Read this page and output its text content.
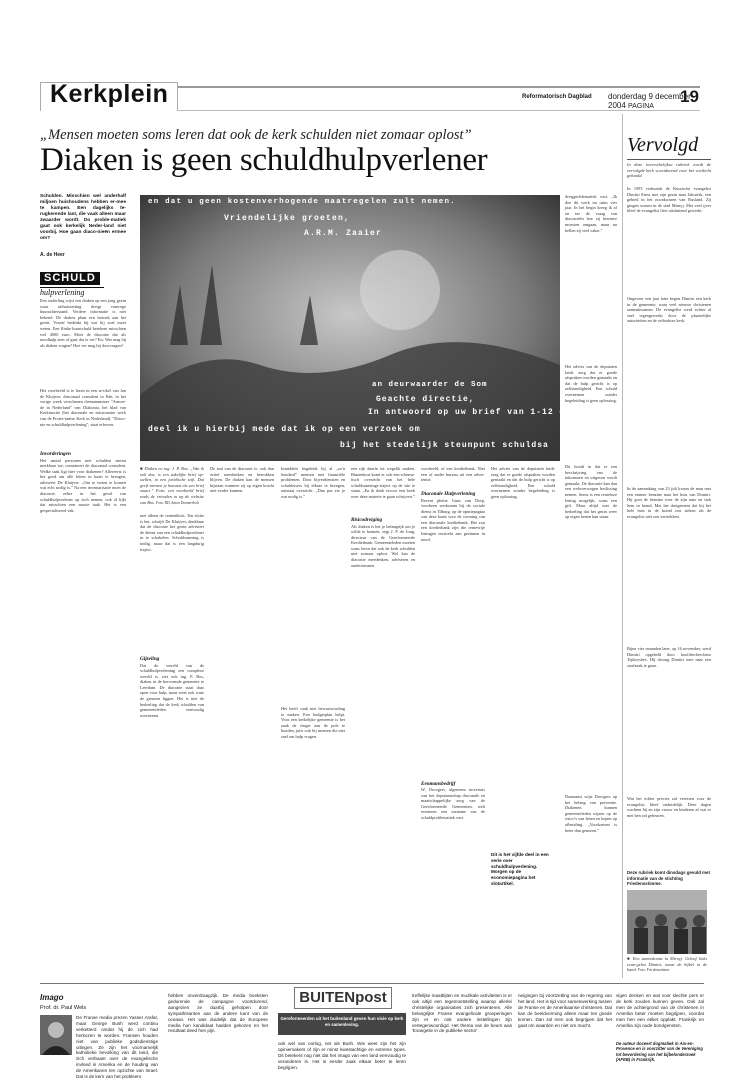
Kerkplein	Reformatorisch Dagblad donderdag 9 december 2004 PAGINA
19
„Mensen moeten soms leren dat ook de kerk schulden niet zomaar oplost”
Diaken is geen schuldhulpverlener
Schulden. Misschien wel anderhalf miljoen huishoudens hebben er-mee te kampen. Een dagelijks te-rugkerende last, die vaak alleen maar zwaarder wordt. Do proble-matiek gaat ook kerkelijk Neder-land niet voorbij. Hoe gaan diaco-nieën ermee om?
A. de Heer
SCHULD
hulpverlening
Een ouderling wijst een diaken op een jong gezin waar uithuiszetting dreigt vanwege huurachterstand. Verdere informatie is niet bekend. De diaken plant een bezoek aan het gezin. Vooraf bedenkt hij wat hij zoal moet weten. Een flinke huurschuld betekent misschien wel 4000 euro. Moet de diaconie dat als noodhulp zien of gaat dat te ver? En: Wat mag hij als diaken vragen? Hoe ver mag hij doorvragen?
Het voorbeeld is te lezen in een ar-tikel van Jan de Kluijver, diaconaal consulent in Ede, in het vorige week verschenen themanummer "Armoe-de in Nederland" van Diakonia, het blad van Kerkinactie (het diaconale en missionaire werk van de Protes-tantse Kerk in Nederland). "Diaco-nie en schuldhulpverlening", staat erboven.
Invorderingen
Het aantal personen met schulden neemt merkbaar toe, constateert de diaconaal consulent. Welke taak ligt hier voor diakenen? Allereerst is het goed om alle feiten in kaart te brengen, adviseert De Kluijver. „Om te weten te komen wat echt nodig is.” Na een inventarisatie moet de diaconie, zeker in het geval van schuldhulpverlener op zich nemen, ook al lijkt dat misschien een mooie taak. Het is een gespecialiseerd vak.
en dat u geen kostenverhogende maatregelen zult nemen.
Vriendelijke groeten,
A.R.M. Zaaier
an deurwaarder de Som
Geachte directie,
In antwoord op uw brief van 1-12 dossier
deel ik u hierbij mede dat ik op een verzoek om
bij het stedelijk steunpunt schuldsa
dreigproblematiek vast. „Ik doe dit werk nu ruim vier jaar. In het begin kreeg ik af en toe de vraag van diaconieën hoe zij hiermee moesten omgaan, maar nu bellen zij veel vaker.”
Het advies van de deputaten luidt: zorg dat er goede afspraken worden gemaakt en dat de hulp gericht is op zelfstandigheid. Een schuld overnemen zonder begeleiding is geen oplossing.
Dit houdt in dat er een beschrijving van de inkomsten en uitgaven wordt gemaakt. De diaconie kan dan een weloverwogen beslissing nemen. Soms is een renteloze lening mogelijk, soms een gift. Maar altijd met de bedoeling dat het gezin weer op eigen benen kan staan.
Daarnaast wijst Droogers op het belang van preventie. Diakenen kunnen gemeenteleden wijzen op de risico's van lenen en kopen op afbetaling. „Voorkomen is beter dan genezen.”
■ Diaken en ing. J. P. Bos: „Wat ik ook doe, is een zakelijke brief op-stellen, in een juridische stijl. Dat geeft mensen je houvast als een brief stuurt.” Foto: een voorbeeld brief zoals de vrienden in op de website van Bos. Foto: RD, Anton Dommerholt
niet alleen de centenkluis. Ten slotte is het, schrijft De Kluijver, denkbaar dat de diaconie het gezin adviseert de dienst van een schuldhulpverlener in te schakelen. Schuldsanering is nodig, maar dat is een langdurig traject.
Gijzeling
Dat de wereld van de schuldhulpverlening een complexe wereld is, ziet ook ing. P. Bos, diaken in de hervormde gemeente te Leerdam. De diaconie staat daar open voor hulp, maar weet ook waar de grenzen liggen. Het is niet de bedoeling dat de kerk schulden van gemeenteleden eenvoudig overneemt.
De taal van de diaconie is: ook dan actief meedenken en betrokken blijven. De diaken kan de mensen bijstaan wanneer zij op eigen kracht niet verder kunnen.
Inmiddels begeleidt hij al „zo'n honderd” mensen met financiële problemen. Door bijverdiensten en schuldeisers bij elkaar te brengen, ontstaat overzicht. „Dan pas zie je wat nodig is.”
Het heeft vaak met bewustwording te maken. Een budgetplan helpt. Voor een kerkelijke gemeente is het zaak de vinger aan de pols te houden, juist ook bij mensen die niet snel om hulp vragen.
een rijk daarin tot wegelik maken. Binnenkort komt er ook een schema-tisch overzicht van het hele schuldsanerings-traject op de site te staan. „En ik denk ervoor een boek over deze materie te gaan schrijven.”
Risicodreiging
Als diaken is het je belangrijk om je wilde te kennen, zegt J. F. de Jong, directeur van de Gereformeerde Kredietbank. Gemeenteleden moeten soms leren dat ook de kerk schulden niet zomaar oplost. Wel kan de diaconie meedenken, adviseren en ondersteunen.
voorbeeld, of een kredietbank. Niet een of ander bureau uit een adver-tentie.
Diaconale Hulpverlening
Recent pleitte Guus van Dorp, voorheen werkzaam bij de sociale dienst in Tilburg, op de opiniepagina van deze krant voor de vorming van een diaconale kredietbank. Het zou een kredietbank zijn die rentevrije leningen verstrekt aan gezinnen in nood.
Eenmansbedrijf
W. Droogers, algemeen secretaris van het deputaatschap diaconale en maatschappelijke zorg van de Gereformeerde Gemeenten, stelt eveneens een toename van de schuldproblematiek vast.
Het advies van de deputaten luidt: zorg dat er goede afspraken worden gemaakt en dat de hulp gericht is op zelfstandigheid. Een schuld overnemen zonder begeleiding is geen oplossing.
Dit is het vijfde deel in een serie over schuldhulpverlening. Morgen op de economiepagina het slotartikel.
Vervolgd
In deze tweewekelijkse rubriek wordt de vervolgde kerk voortdurend voor het voetlicht gehaald.
In 1995 verhuisde de Russische evangelist Dimitri Ernst met zijn gezin naar Jakoetsk, een gebied in het noordoosten van Rusland. Zij gingen wonen in de stad Mirnyj. Met veel ijver bleef de evangelist fiier uitsluitend gewerkt.
Ongeveer een jaar later begon Dimitri een kerk in de gemeente, waar veel nieuwe christenen samenkwamen. De evangelist werd echter al snel tegengewerkt door de plaatselijke autoriteiten en de orthodoxe kerk.
In de aanmaking van 23 juli kwam de man met een emmer benzine naar het huis van Dimitri. Hij goot de benzine over de zijn auto en stak hem in brand. Met het dreigement dat hij het hele huis in de brand zou steken als de evangelist niet zou vertrekken.
Bijna vier maanden later, op 16 november, werd Dimitri opgebeld door hoofdrechercheur Tsjikryshev. Hij dwong Dimitri mee naar een strafzaak te gaan.
Wat het echter precies zal vereisen voor de evangelist, bleef onduidelijk. Deze dagen wachten hij en zijn vrouw en kinderen af wat er met hen zal gebeuren.
Deze rubriek komt dinsdags gevuld met informatie van de stichting Friedensstimme.
■ Een samenkomst in Mirnyj. Geloof links evan-gelist Dimitri, naast de bijbel in de hand. Foto: Friedensstimme
Imago
Prof. dr. Paul Wels
De Franse media prezen Yasser Arafat, maar George Bush werd continu verketterd omdat hij de zich had herkozen te worden. Fransen houden niet van publieke godsdienstige uitingen. Ze zijn het voornamelijk katholieke bevolking van dit land, die zich verbaast over de evangelische invloed in Amerika en de houding van de Amerikanen ten opzichte van Israel. Dat is de kern van het probleem.
hebben onverdraagzijk. De media boeksten gedurende de campagne voortdurend, aangezien ze duarbij geholpen door sympathisanten aan de andere kant van de oceaan. Het was duidelijk dat de Europese media hun kandidaat hadden gekozen en het resultaat deed hen pijn.
BUITENpost
Gereformeerden uit het buitenland geven hun visie op kerk en samenleving.
ook wel van oorlog, net als Bush. Wie weet zijn het zijn opiniemakers of zijn er minst kwestachtige en extreme types. Dit betekent nog niet dat het imago van een land eenvoudig te veranderen is. Het is eerder zaak elkaar beter te leren begrijpen.
treffelijke maatbijten en muzikale activiteiten is er ook altijd een tegemoetstelling waarop allerlei christelijke organisaties zich presenteren. Alle belangrijke Franse evangelicale groeperingen zijn er en ook andere instellingen zijn vertegenwoordigd. Het thema van de beurs was 'Evangelie in de publieke sector'.
neigingen bij voortzetting van de regering van het land. Het is tijd voor samenwerking tussen de Franse en de Amerikaanse christenen. Dat kan de beeldvorming alleen maar ten goede komen. Dan zal men ook begrijpen dat het gaat om waarden en niet om macht.
vigen denken en wat voor slechte pers er de kerk zouden kunnen geven. Ook zal men de achtergrond van de christenen in Amerika beter moeten begrijpen, voordat men hen een etiket opplakt. Frankrijk en Amerika zijn oude bondgenoten.
De auteur doceert dogmatiek in Aix-en-Provence en is voorzitter van de Vereniging tot bevordering van het bijbelonderzoek (AFEB) in Frankrijk.
